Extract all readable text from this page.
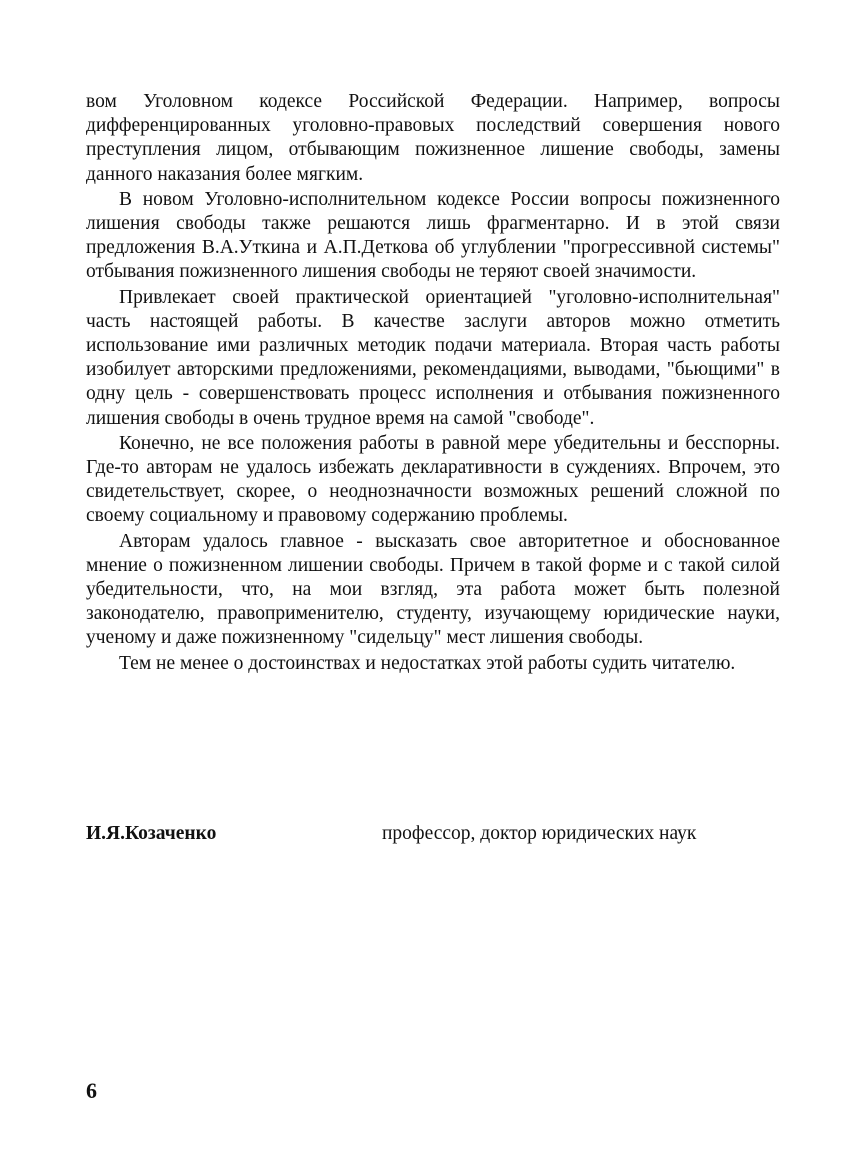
вом Уголовном кодексе Российской Федерации. Например, вопросы дифференцированных уголовно-правовых последствий совершения нового преступления лицом, отбывающим пожизненное лишение свободы, замены данного наказания более мягким.

В новом Уголовно-исполнительном кодексе России вопросы пожизненного лишения свободы также решаются лишь фрагментарно. И в этой связи предложения В.А.Уткина и А.П.Деткова об углублении "прогрессивной системы" отбывания пожизненного лишения свободы не теряют своей значимости.

Привлекает своей практической ориентацией "уголовно-исполнительная" часть настоящей работы. В качестве заслуги авторов можно отметить использование ими различных методик подачи материала. Вторая часть работы изобилует авторскими предложениями, рекомендациями, выводами, "бьющими" в одну цель - совершенствовать процесс исполнения и отбывания пожизненного лишения свободы в очень трудное время на самой "свободе".

Конечно, не все положения работы в равной мере убедительны и бесспорны. Где-то авторам не удалось избежать декларативности в суждениях. Впрочем, это свидетельствует, скорее, о неоднозначности возможных решений сложной по своему социальному и правовому содержанию проблемы.

Авторам удалось главное - высказать свое авторитетное и обоснованное мнение о пожизненном лишении свободы. Причем в такой форме и с такой силой убедительности, что, на мои взгляд, эта работа может быть полезной законодателю, правоприменителю, студенту, изучающему юридические науки, ученому и даже пожизненному "сидельцу" мест лишения свободы.

Тем не менее о достоинствах и недостатках этой работы судить читателю.

И.Я.Козаченко	профессор, доктор юридических наук
6
